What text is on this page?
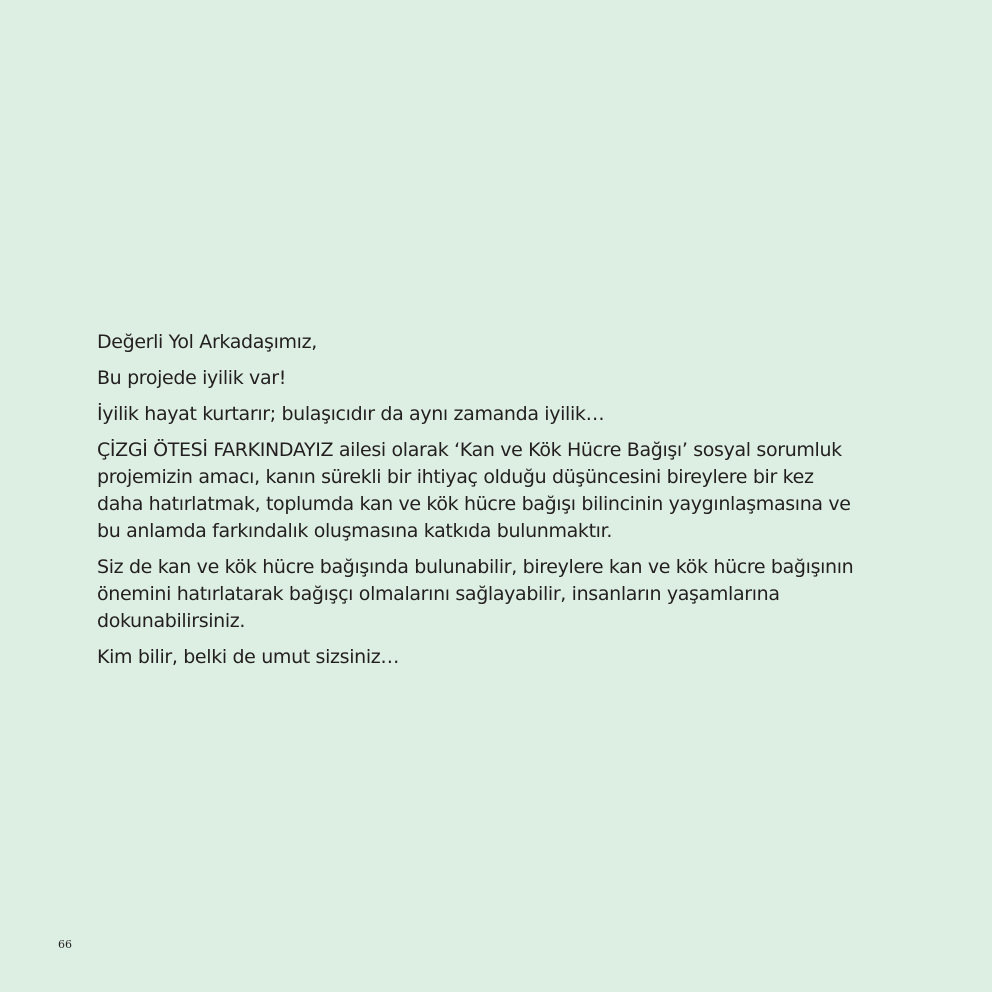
Değerli Yol Arkadaşımız,

Bu projede iyilik var!

İyilik hayat kurtarır; bulaşıcıdır da aynı zamanda iyilik…

ÇİZGİ ÖTESİ FARKINDAYIZ ailesi olarak ‘Kan ve Kök Hücre Bağışı’ sosyal sorumluk
projemizin amacı, kanın sürekli bir ihtiyaç olduğu düşüncesini bireylere bir kez
daha hatırlatmak, toplumda kan ve kök hücre bağışı bilincinin yaygınlaşmasına ve
bu anlamda farkındalık oluşmasına katkıda bulunmaktır.

Siz de kan ve kök hücre bağışında bulunabilir, bireylere kan ve kök hücre bağışının
önemini hatırlatarak bağışçı olmalarını sağlayabilir, insanların yaşamlarına
dokunabilirsiniz.

Kim bilir, belki de umut sizsiniz…

66
